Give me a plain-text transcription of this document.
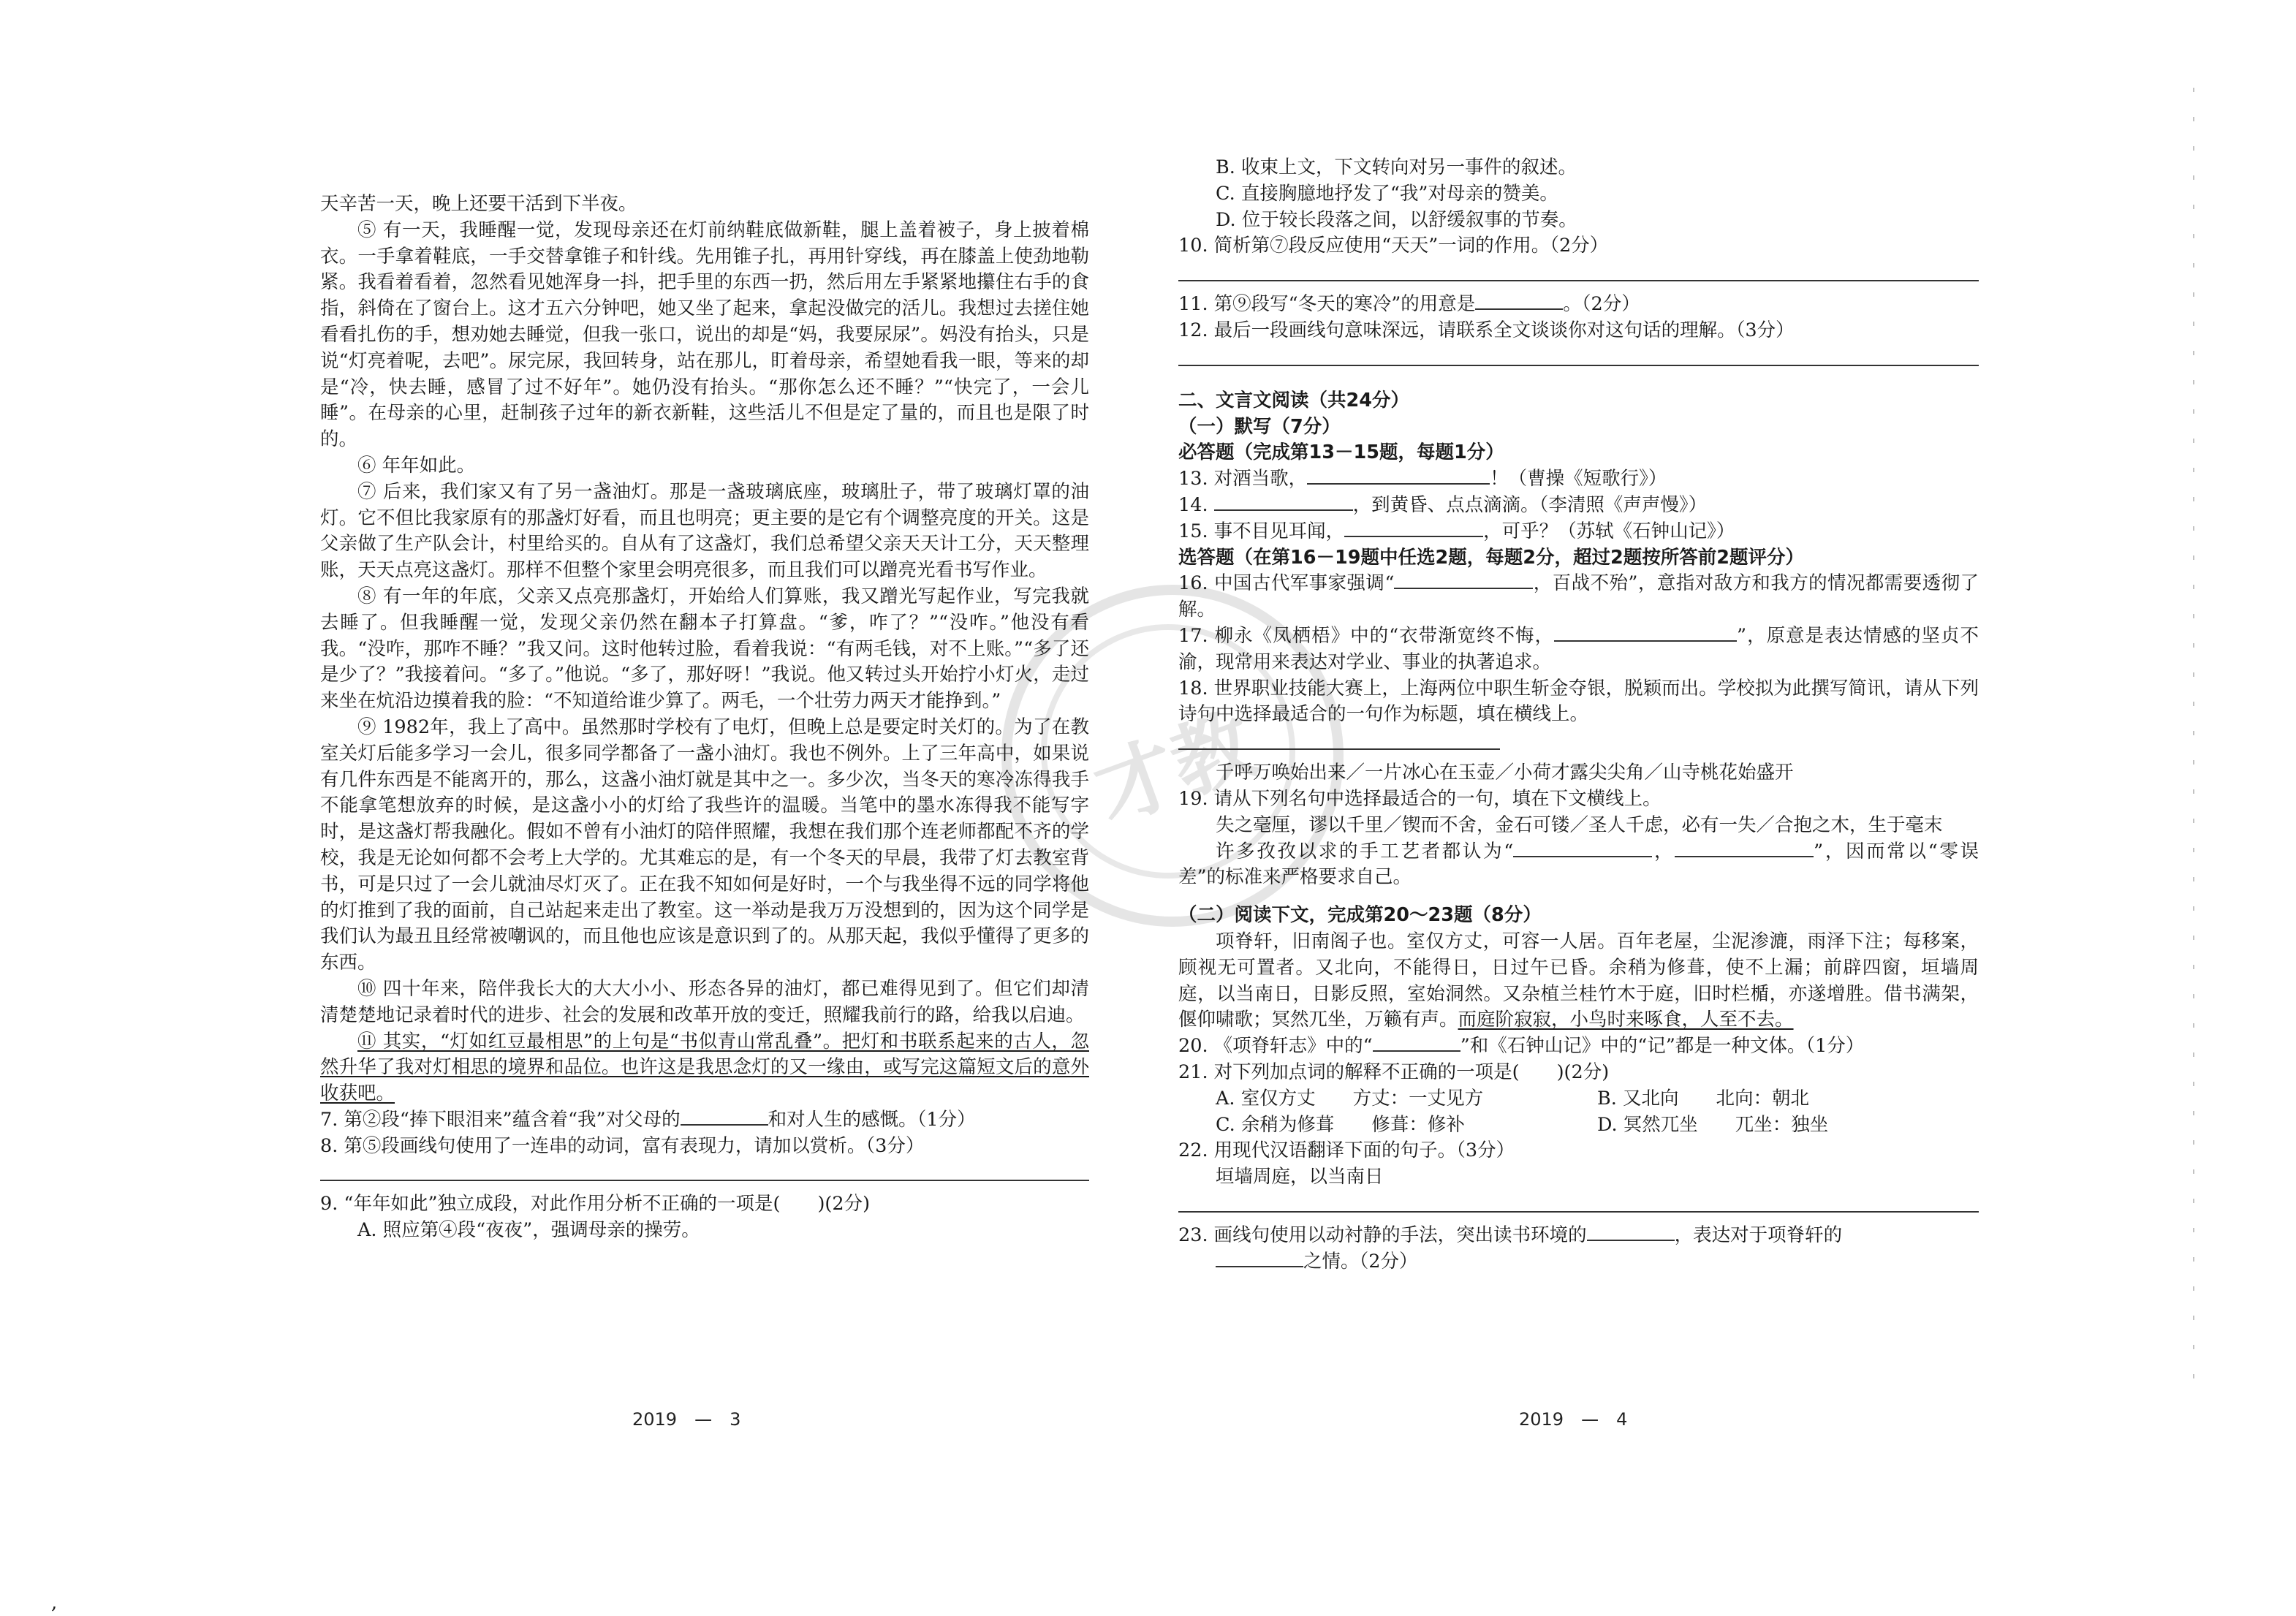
才教

天辛苦一天，晚上还要干活到下半夜。

⑤ 有一天，我睡醒一觉，发现母亲还在灯前纳鞋底做新鞋，腿上盖着被子，身上披着棉衣。一手拿着鞋底，一手交替拿锥子和针线。先用锥子扎，再用针穿线，再在膝盖上使劲地勒紧。我看着看着，忽然看见她浑身一抖，把手里的东西一扔，然后用左手紧紧地攥住右手的食指，斜倚在了窗台上。这才五六分钟吧，她又坐了起来，拿起没做完的活儿。我想过去搓住她看看扎伤的手，想劝她去睡觉，但我一张口，说出的却是“妈，我要尿尿”。妈没有抬头，只是说“灯亮着呢，去吧”。尿完尿，我回转身，站在那儿，盯着母亲，希望她看我一眼，等来的却是“冷，快去睡，感冒了过不好年”。她仍没有抬头。“那你怎么还不睡？”“快完了，一会儿睡”。在母亲的心里，赶制孩子过年的新衣新鞋，这些活儿不但是定了量的，而且也是限了时的。

⑥ 年年如此。

⑦ 后来，我们家又有了另一盏油灯。那是一盏玻璃底座，玻璃肚子，带了玻璃灯罩的油灯。它不但比我家原有的那盏灯好看，而且也明亮；更主要的是它有个调整亮度的开关。这是父亲做了生产队会计，村里给买的。自从有了这盏灯，我们总希望父亲天天计工分，天天整理账，天天点亮这盏灯。那样不但整个家里会明亮很多，而且我们可以蹭亮光看书写作业。

⑧ 有一年的年底，父亲又点亮那盏灯，开始给人们算账，我又蹭光写起作业，写完我就去睡了。但我睡醒一觉，发现父亲仍然在翻本子打算盘。“爹，咋了？”“没咋。”他没有看我。“没咋，那咋不睡？”我又问。这时他转过脸，看着我说：“有两毛钱，对不上账。”“多了还是少了？”我接着问。“多了。”他说。“多了，那好呀！”我说。他又转过头开始拧小灯火，走过来坐在炕沿边摸着我的脸：“不知道给谁少算了。两毛，一个壮劳力两天才能挣到。”

⑨ 1982年，我上了高中。虽然那时学校有了电灯，但晚上总是要定时关灯的。为了在教室关灯后能多学习一会儿，很多同学都备了一盏小油灯。我也不例外。上了三年高中，如果说有几件东西是不能离开的，那么，这盏小油灯就是其中之一。多少次，当冬天的寒冷冻得我手不能拿笔想放弃的时候，是这盏小小的灯给了我些许的温暖。当笔中的墨水冻得我不能写字时，是这盏灯帮我融化。假如不曾有小油灯的陪伴照耀，我想在我们那个连老师都配不齐的学校，我是无论如何都不会考上大学的。尤其难忘的是，有一个冬天的早晨，我带了灯去教室背书，可是只过了一会儿就油尽灯灭了。正在我不知如何是好时，一个与我坐得不远的同学将他的灯推到了我的面前，自己站起来走出了教室。这一举动是我万万没想到的，因为这个同学是我们认为最丑且经常被嘲讽的，而且他也应该是意识到了的。从那天起，我似乎懂得了更多的东西。

⑩ 四十年来，陪伴我长大的大大小小、形态各异的油灯，都已难得见到了。但它们却清清楚楚地记录着时代的进步、社会的发展和改革开放的变迁，照耀我前行的路，给我以启迪。

⑪ 其实，“灯如红豆最相思”的上句是“书似青山常乱叠”。把灯和书联系起来的古人，忽然升华了我对灯相思的境界和品位。也许这是我思念灯的又一缘由，或写完这篇短文后的意外收获吧。

7. 第②段“捧下眼泪来”蕴含着“我”对父母的	和对人生的感慨。（1分）

8. 第⑤段画线句使用了一连串的动词，富有表现力，请加以赏析。（3分）

9. “年年如此”独立成段，对此作用分析不正确的一项是(　　)(2分)

A. 照应第④段“夜夜”，强调母亲的操劳。

2019　—　3

B. 收束上文，下文转向对另一事件的叙述。

C. 直接胸臆地抒发了“我”对母亲的赞美。

D. 位于较长段落之间，以舒缓叙事的节奏。

10. 简析第⑦段反应使用“天天”一词的作用。（2分）

11. 第⑨段写“冬天的寒冷”的用意是	。（2分）

12. 最后一段画线句意味深远，请联系全文谈谈你对这句话的理解。（3分）

二、文言文阅读（共24分）

（一）默写（7分）

必答题（完成第13－15题，每题1分）

13. 对酒当歌，	！（曹操《短歌行》）

14.	，到黄昏、点点滴滴。（李清照《声声慢》）

15. 事不目见耳闻，	，可乎？（苏轼《石钟山记》）

选答题（在第16－19题中任选2题，每题2分，超过2题按所答前2题评分）

16. 中国古代军事家强调“	，百战不殆”，意指对敌方和我方的情况都需要透彻了解。

17. 柳永《凤栖梧》中的“衣带渐宽终不悔，	”，原意是表达情感的坚贞不渝，现常用来表达对学业、事业的执著追求。

18. 世界职业技能大赛上，上海两位中职生斩金夺银，脱颖而出。学校拟为此撰写简讯，请从下列诗句中选择最适合的一句作为标题，填在横线上。

千呼万唤始出来／一片冰心在玉壶／小荷才露尖尖角／山寺桃花始盛开

19. 请从下列名句中选择最适合的一句，填在下文横线上。

失之毫厘，谬以千里／锲而不舍，金石可镂／圣人千虑，必有一失／合抱之木，生于毫末

许多孜孜以求的手工艺者都认为“	，	”，因而常以“零误差”的标准来严格要求自己。

（二）阅读下文，完成第20～23题（8分）

项脊轩，旧南阁子也。室仅方丈，可容一人居。百年老屋，尘泥渗漉，雨泽下注；每移案，顾视无可置者。又北向，不能得日，日过午已昏。余稍为修葺，使不上漏；前辟四窗，垣墙周庭，以当南日，日影反照，室始洞然。又杂植兰桂竹木于庭，旧时栏楯，亦遂增胜。借书满架，偃仰啸歌；冥然兀坐，万籁有声。而庭阶寂寂，小鸟时来啄食，人至不去。

20. 《项脊轩志》中的“	”和《石钟山记》中的“记”都是一种文体。（1分）

21. 对下列加点词的解释不正确的一项是(　　)(2分)

A. 室仅方丈　　方丈：一丈见方	B. 又北向　　北向：朝北
C. 余稍为修葺　　修葺：修补	D. 冥然兀坐　　兀坐：独坐

22. 用现代汉语翻译下面的句子。（3分）

垣墙周庭，以当南日

23. 画线句使用以动衬静的手法，突出读书环境的	，表达对于项脊轩的

之情。（2分）

2019　—　4
,
